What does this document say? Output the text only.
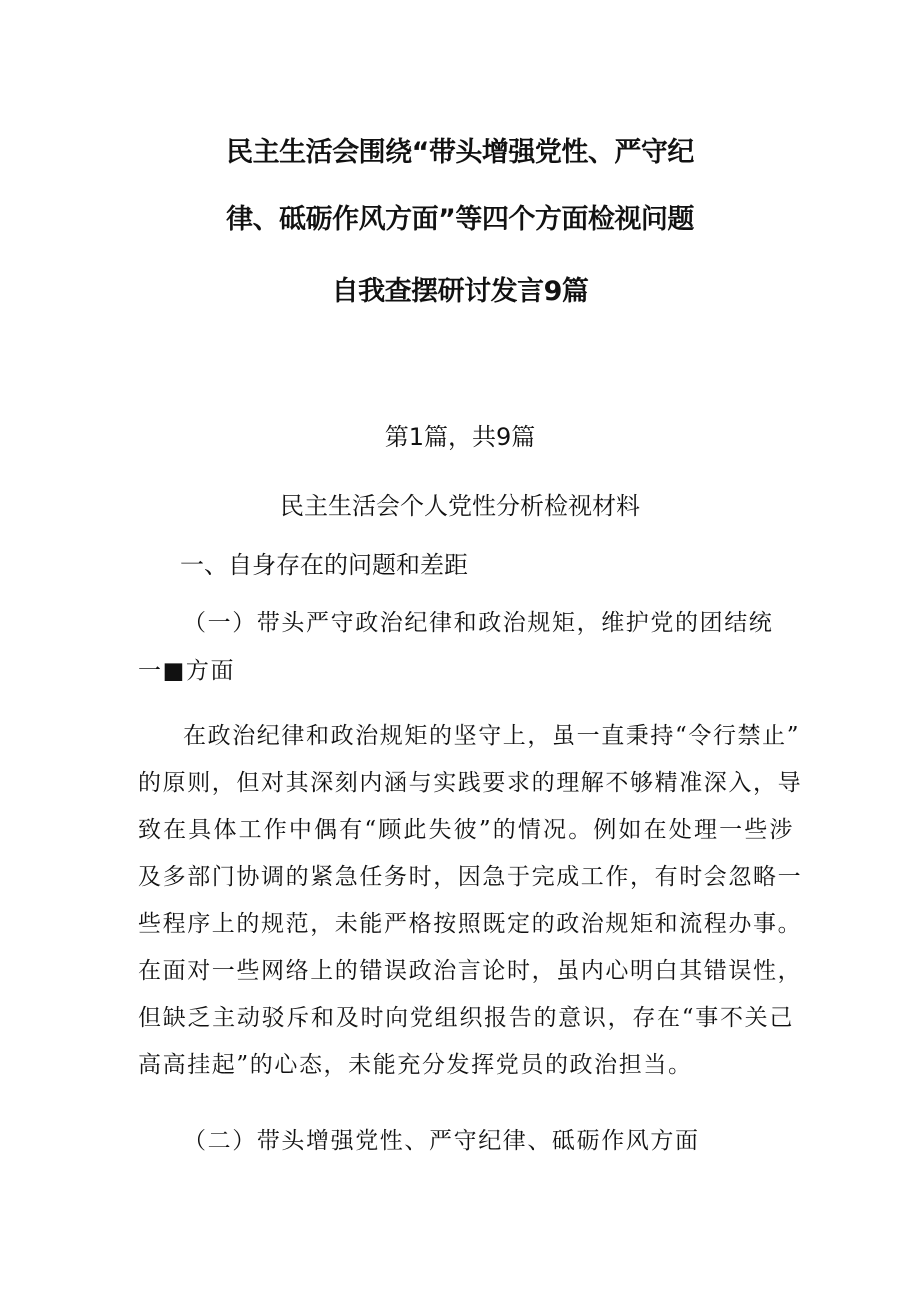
民主生活会围绕“带头增强党性、严守纪
律、砥砺作风方面”等四个方面检视问题
自我查摆研讨发言9篇
第1篇，共9篇
民主生活会个人党性分析检视材料
一、自身存在的问题和差距
（一）带头严守政治纪律和政治规矩，维护党的团结统
一■方面
在政治纪律和政治规矩的坚守上，虽一直秉持“令行禁止”
的原则，但对其深刻内涵与实践要求的理解不够精准深入，导
致在具体工作中偶有“顾此失彼”的情况。例如在处理一些涉
及多部门协调的紧急任务时，因急于完成工作，有时会忽略一
些程序上的规范，未能严格按照既定的政治规矩和流程办事。
在面对一些网络上的错误政治言论时，虽内心明白其错误性，
但缺乏主动驳斥和及时向党组织报告的意识，存在“事不关己
高高挂起”的心态，未能充分发挥党员的政治担当。
（二）带头增强党性、严守纪律、砥砺作风方面
